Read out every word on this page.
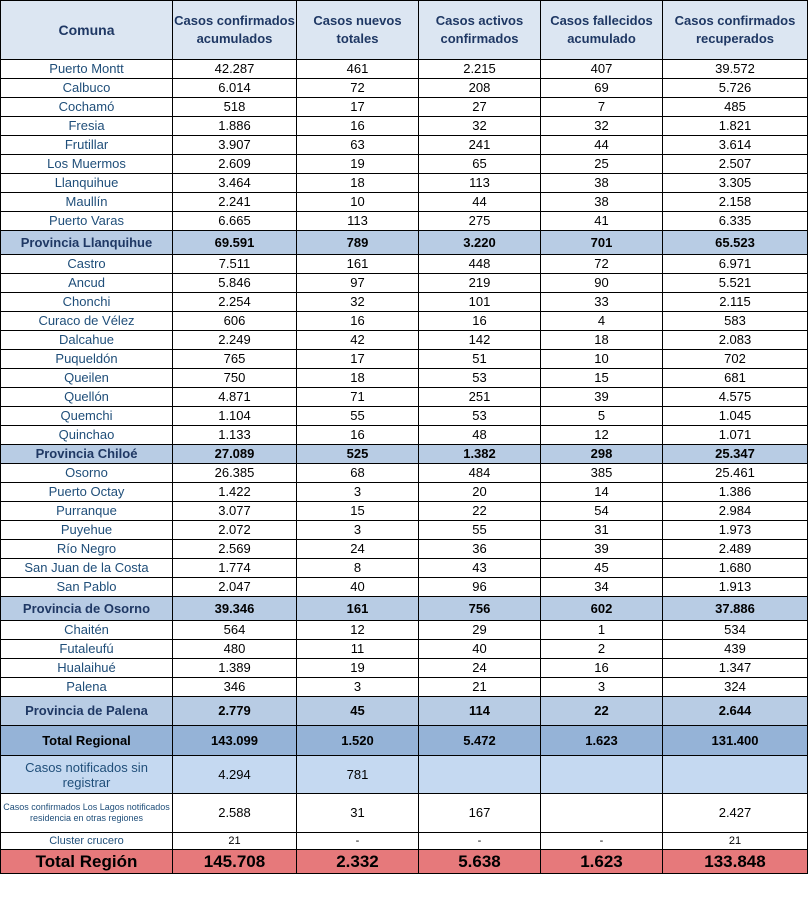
Comuna	Casos confirmados acumulados	Casos nuevos totales	Casos activos confirmados	Casos fallecidos acumulado	Casos confirmados recuperados
Puerto Montt	42.287	461	2.215	407	39.572
Calbuco	6.014	72	208	69	5.726
Cochamó	518	17	27	7	485
Fresia	1.886	16	32	32	1.821
Frutillar	3.907	63	241	44	3.614
Los Muermos	2.609	19	65	25	2.507
Llanquihue	3.464	18	113	38	3.305
Maullín	2.241	10	44	38	2.158
Puerto Varas	6.665	113	275	41	6.335
Provincia Llanquihue	69.591	789	3.220	701	65.523
Castro	7.511	161	448	72	6.971
Ancud	5.846	97	219	90	5.521
Chonchi	2.254	32	101	33	2.115
Curaco de Vélez	606	16	16	4	583
Dalcahue	2.249	42	142	18	2.083
Puqueldón	765	17	51	10	702
Queilen	750	18	53	15	681
Quellón	4.871	71	251	39	4.575
Quemchi	1.104	55	53	5	1.045
Quinchao	1.133	16	48	12	1.071
Provincia Chiloé	27.089	525	1.382	298	25.347
Osorno	26.385	68	484	385	25.461
Puerto Octay	1.422	3	20	14	1.386
Purranque	3.077	15	22	54	2.984
Puyehue	2.072	3	55	31	1.973
Río Negro	2.569	24	36	39	2.489
San Juan de la Costa	1.774	8	43	45	1.680
San Pablo	2.047	40	96	34	1.913
Provincia de Osorno	39.346	161	756	602	37.886
Chaitén	564	12	29	1	534
Futaleufú	480	11	40	2	439
Hualaihué	1.389	19	24	16	1.347
Palena	346	3	21	3	324
Provincia de Palena	2.779	45	114	22	2.644
Total Regional	143.099	1.520	5.472	1.623	131.400
Casos notificados sin registrar	4.294	781			
Casos confirmados Los Lagos notificados residencia en otras regiones	2.588	31	167		2.427
Cluster crucero	21	-	-	-	21
Total Región	145.708	2.332	5.638	1.623	133.848
